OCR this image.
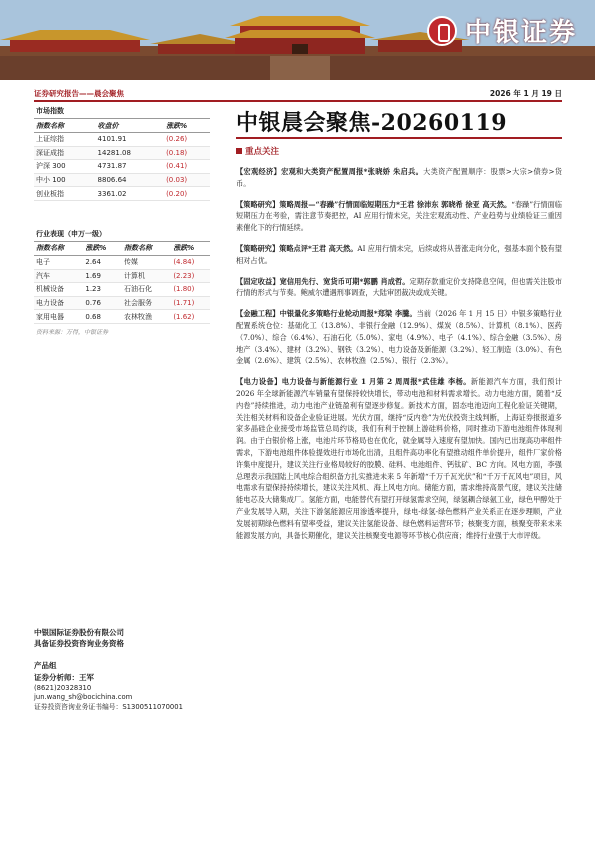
中银证券
证券研究报告——晨会聚焦	2026 年 1 月 19 日
市场指数
指数名称	收盘价	涨跌%
上证综指	4101.91	(0.26)
深证成指	14281.08	(0.18)
沪深 300	4731.87	(0.41)
中小 100	8806.64	(0.03)
创业板指	3361.02	(0.20)
行业表现（申万一级）
指数名称	涨跌%	指数名称	涨跌%
电子	2.64	传媒	(4.84)
汽车	1.69	计算机	(2.23)
机械设备	1.23	石油石化	(1.80)
电力设备	0.76	社会服务	(1.71)
家用电器	0.68	农林牧渔	(1.62)
资料来源：万得，中银证券
中银国际证券股份有限公司
具备证券投资咨询业务资格
产品组
证券分析师：王军
(8621)20328310
jun.wang_sh@bocichina.com
证券投资咨询业务证书编号：S1300511070001
中银晨会聚焦-20260119
重点关注

【宏观经济】宏观和大类资产配置周报*张晓娇 朱启兵。大类资产配置顺序：股票>大宗>债券>货币。

【策略研究】策略周报—“春躁”行情面临短期压力*王君 徐沛东 郭晓希 徐亚 高天然。“春躁”行情面临短期压力在考验，需注意节奏把控，AI 应用行情未完，关注宏观流动性、产业趋势与业绩验证三重因素催化下的行情延续。

【策略研究】策略点评*王君 高天然。AI 应用行情未完，后续或将从普涨走向分化，强基本面个股有望相对占优。

【固定收益】宽信用先行、宽货币可期*郭鹏 肖成哲。定期存款重定价支持降息空间，但也需关注股市行情的形式与节奏。鲍威尔遭遇刑事调查，大陆审团裁决或成关键。

【金融工程】中银量化多策略行业轮动周报*郑梁 李騰。当前（2026 年 1 月 15 日）中银多策略行业配置系统仓位：基础化工（13.8%）、非银行金融（12.9%）、煤炭（8.5%）、计算机（8.1%）、医药（7.0%）、综合（6.4%）、石油石化（5.0%）、家电（4.9%）、电子（4.1%）、综合金融（3.5%）、房地产（3.4%）、建材（3.2%）、钢铁（3.2%）、电力设备及新能源（3.2%）、轻工制造（3.0%）、有色金属（2.6%）、建筑（2.5%）、农林牧渔（2.5%）、银行（2.3%）。

【电力设备】电力设备与新能源行业 1 月第 2 周周报*武佳雄 李杨。新能源汽车方面，我们预计 2026 年全球新能源汽车销量有望保持较快增长，带动电池和材料需求增长。动力电池方面，随着“反内卷”持续推进，动力电池产业链盈利有望逐步修复。新技术方面，固态电池迈向工程化验证关键期，关注相关材料和设备企业验证进展。光伏方面，继持“反内卷”为光伏投资主线判断，上海证券报报道多家多晶硅企业接受市场监管总局约谈，我们有利于控制上游硅料价格，同时推动下游电池组件体现利润。由于白银价格上涨，电池片环节格局也在优化，就金属导入速度有望加快。国内已出现高功率组件需求，下游电池组件体验提效进行市场化出清，且组件高功率化有望推动组件单价提升，组件厂家价格许集中度提升，建议关注行业格局较好的胶膜、硅料、电池组件、钙钛矿、BC 方向。风电方面，李强总理表示我国陆上风电综合组织备方扎实推进未来 5 年新增“千万千瓦光伏”和“千万千瓦风电”项目，风电需求有望保持持续增长，建议关注风机、海上风电方向。储能方面，需求维持高景气度，建议关注储能电芯及大储集成厂。氢能方面，电能替代有望打开绿氢需求空间，绿氢耦合绿氨工业，绿色甲醇处于产业发展导入期，关注下游氢能源应用渗透率提升，绿电-绿氢-绿色燃料产业关系正在逐步理顺，产业发展初期绿色燃料有望率受益，建议关注氢能设备、绿色燃料运营环节；核聚变方面，核聚变带来未来能源发展方向，具备长期催化，建议关注核聚变电源等环节核心供应商；维持行业强于大市评级。
